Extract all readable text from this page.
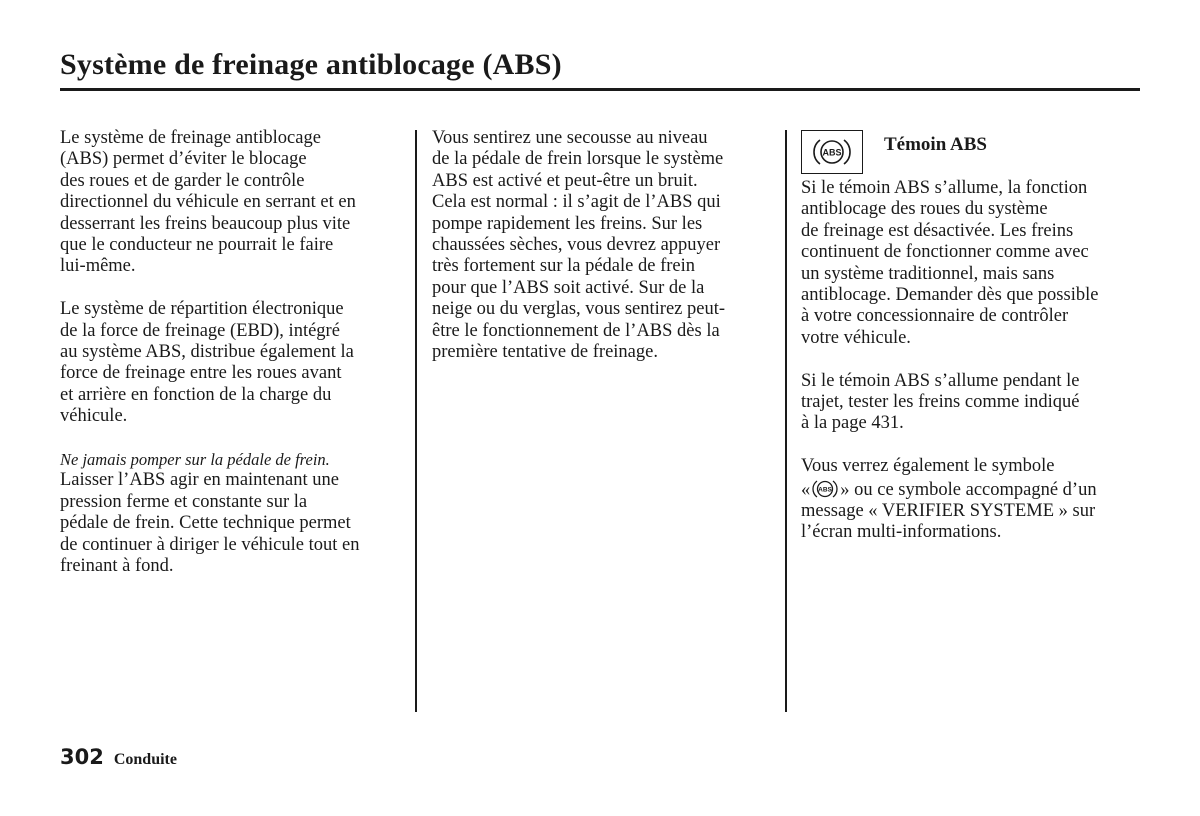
Système de freinage antiblocage (ABS)

Le système de freinage antiblocage
(ABS) permet d’éviter le blocage
des roues et de garder le contrôle
directionnel du véhicule en serrant et en
desserrant les freins beaucoup plus vite
que le conducteur ne pourrait le faire
lui-même.

Le système de répartition électronique
de la force de freinage (EBD), intégré
au système ABS, distribue également la
force de freinage entre les roues avant
et arrière en fonction de la charge du
véhicule.

Ne jamais pomper sur la pédale de frein.
Laisser l’ABS agir en maintenant une
pression ferme et constante sur la
pédale de frein. Cette technique permet
de continuer à diriger le véhicule tout en
freinant à fond.

Vous sentirez une secousse au niveau
de la pédale de frein lorsque le système
ABS est activé et peut-être un bruit.
Cela est normal : il s’agit de l’ABS qui
pompe rapidement les freins. Sur les
chaussées sèches, vous devrez appuyer
très fortement sur la pédale de frein
pour que l’ABS soit activé. Sur de la
neige ou du verglas, vous sentirez peut-
être le fonctionnement de l’ABS dès la
première tentative de freinage.

ABS Témoin ABS

Si le témoin ABS s’allume, la fonction
antiblocage des roues du système
de freinage est désactivée. Les freins
continuent de fonctionner comme avec
un système traditionnel, mais sans
antiblocage. Demander dès que possible
à votre concessionnaire de contrôler
votre véhicule.

Si le témoin ABS s’allume pendant le
trajet, tester les freins comme indiqué
à la page 431.

Vous verrez également le symbole
« ABS » ou ce symbole accompagné d’un
message « VERIFIER SYSTEME » sur
l’écran multi-informations.

302 Conduite
